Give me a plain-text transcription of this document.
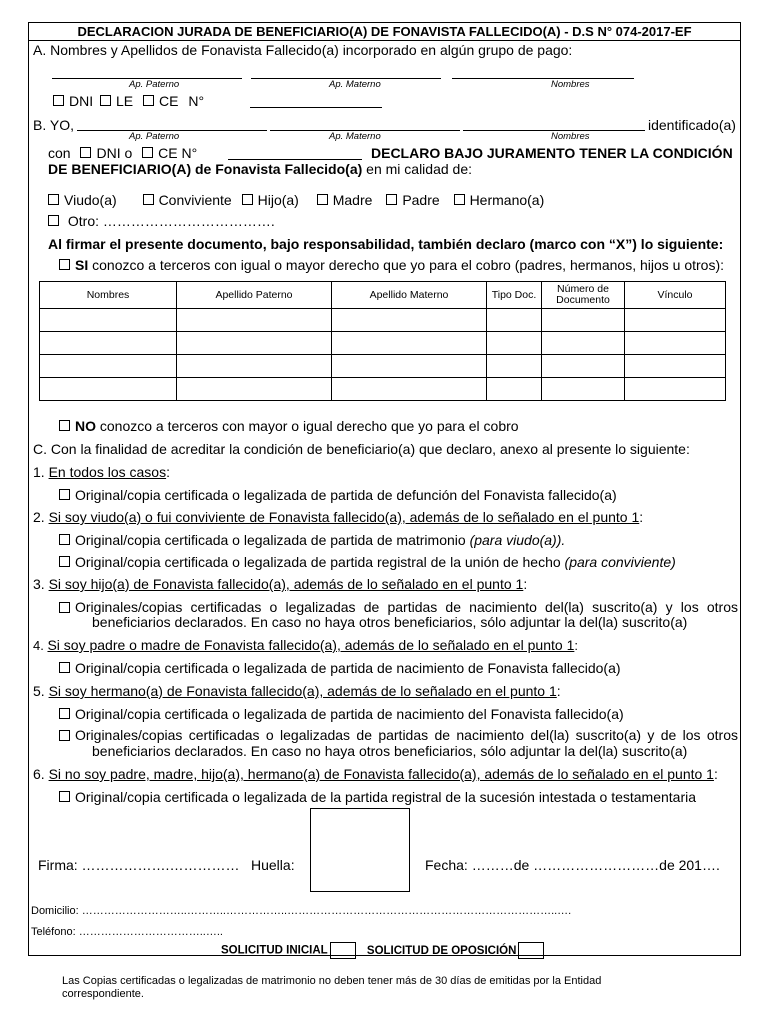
DECLARACION JURADA DE BENEFICIARIO(A) DE FONAVISTA FALLECIDO(A) - D.S N° 074-2017-EF
A. Nombres y Apellidos de Fonavista Fallecido(a) incorporado en algún grupo de pago:
Ap. Paterno	Ap. Materno	Nombres
DNI LE CE N°
B. YO,	identificado(a)
Ap. Paterno	Ap. Materno	Nombres
con DNI o CE N°	DECLARO BAJO JURAMENTO TENER LA CONDICIÓN
DE BENEFICIARIO(A) de Fonavista Fallecido(a) en mi calidad de:
Viudo(a)	Conviviente Hijo(a) Madre Padre Hermano(a)
Otro: ……………………………….
Al firmar el presente documento, bajo responsabilidad, también declaro (marco con “X”) lo siguiente:
SI conozco a terceros con igual o mayor derecho que yo para el cobro (padres, hermanos, hijos u otros):
Nombres	Apellido Paterno	Apellido Materno	Tipo Doc.	Número de Documento	Vínculo

NO conozco a terceros con mayor o igual derecho que yo para el cobro
C. Con la finalidad de acreditar la condición de beneficiario(a) que declaro, anexo al presente lo siguiente:
1. En todos los casos:
Original/copia certificada o legalizada de partida de defunción del Fonavista fallecido(a)
2. Si soy viudo(a) o fui conviviente de Fonavista fallecido(a), además de lo señalado en el punto 1:
Original/copia certificada o legalizada de partida de matrimonio (para viudo(a)).
Original/copia certificada o legalizada de partida registral de la unión de hecho (para conviviente)
3. Si soy hijo(a) de Fonavista fallecido(a), además de lo señalado en el punto 1:
Originales/copias certificadas o legalizadas de partidas de nacimiento del(la) suscrito(a) y los otros
beneficiarios declarados. En caso no haya otros beneficiarios, sólo adjuntar la del(la) suscrito(a)
4. Si soy padre o madre de Fonavista fallecido(a), además de lo señalado en el punto 1:
Original/copia certificada o legalizada de partida de nacimiento de Fonavista fallecido(a)
5. Si soy hermano(a) de Fonavista fallecido(a), además de lo señalado en el punto 1:
Original/copia certificada o legalizada de partida de nacimiento del Fonavista fallecido(a)
Originales/copias certificadas o legalizadas de partidas de nacimiento del(la) suscrito(a) y de los otros
beneficiarios declarados. En caso no haya otros beneficiarios, sólo adjuntar la del(la) suscrito(a)
6. Si no soy padre, madre, hijo(a), hermano(a) de Fonavista fallecido(a), además de lo señalado en el punto 1:
Original/copia certificada o legalizada de la partida registral de la sucesión intestada o testamentaria
Firma: ……………….…………… Huella:	Fecha: ………de ………………………de 201….
Domicilio: ………………………..………..……………..………………………………………………………………..….
Teléfono: ……………………………..…..
SOLICITUD INICIAL	SOLICITUD DE OPOSICIÓN
Las Copias certificadas o legalizadas de matrimonio no deben tener más de 30 días de emitidas por la Entidad correspondiente.
